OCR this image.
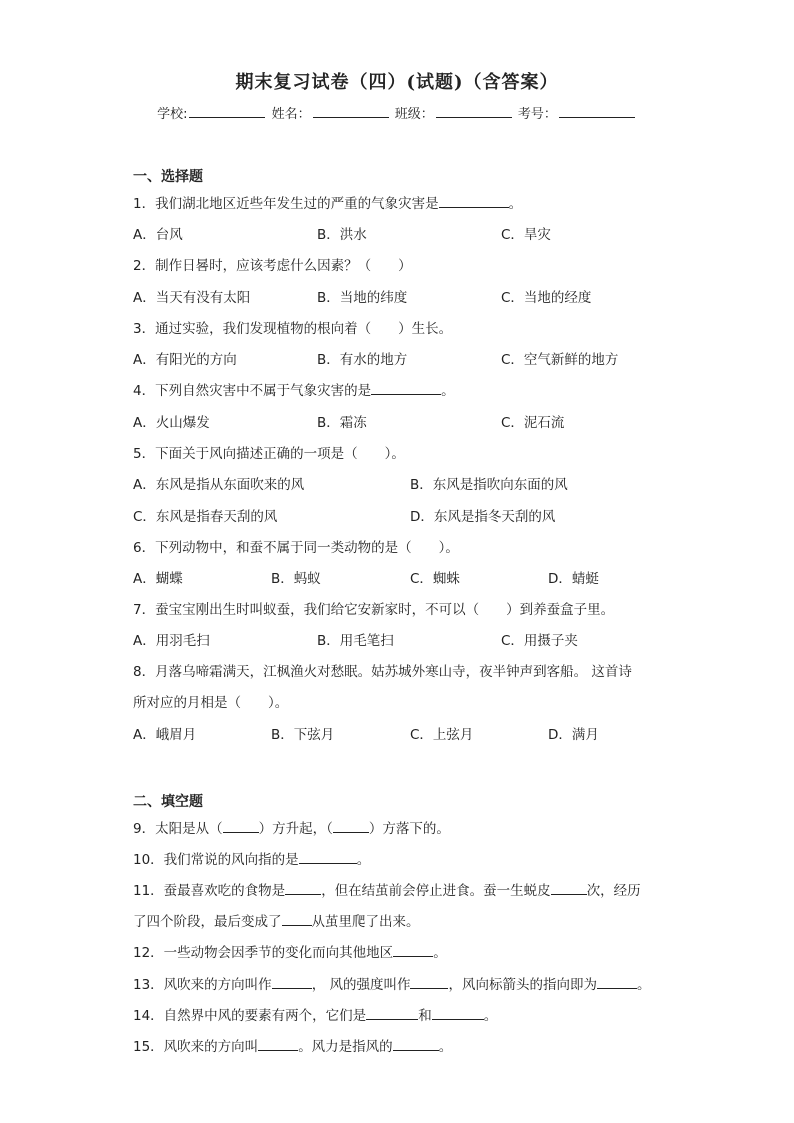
期末复习试卷（四）(试题)（含答案）
学校:	姓名：	班级：	考号：
一、选择题
1．我们湖北地区近些年发生过的严重的气象灾害是	。
A．台风	B．洪水	C．旱灾
2．制作日晷时，应该考虑什么因素？（　　）
A．当天有没有太阳	B．当地的纬度	C．当地的经度
3．通过实验，我们发现植物的根向着（　　）生长。
A．有阳光的方向	B．有水的地方	C．空气新鲜的地方
4．下列自然灾害中不属于气象灾害的是	。
A．火山爆发	B．霜冻	C．泥石流
5．下面关于风向描述正确的一项是（　　）。
A．东风是指从东面吹来的风	B．东风是指吹向东面的风
C．东风是指春天刮的风	D．东风是指冬天刮的风
6．下列动物中，和蚕不属于同一类动物的是（　　）。
A．蝴蝶	B．蚂蚁	C．蜘蛛	D．蜻蜓
7．蚕宝宝刚出生时叫蚁蚕，我们给它安新家时，不可以（　　）到养蚕盒子里。
A．用羽毛扫	B．用毛笔扫	C．用摄子夹
8．月落乌啼霜满天，江枫渔火对愁眠。姑苏城外寒山寺，夜半钟声到客船。 这首诗
所对应的月相是（　　）。
A．峨眉月	B．下弦月	C．上弦月	D．满月
二、填空题
9．太阳是从（	）方升起，（	）方落下的。
10．我们常说的风向指的是	。
11．蚕最喜欢吃的食物是	，但在结茧前会停止进食。蚕一生蜕皮	次，经历
了四个阶段，最后变成了 从茧里爬了出来。
12．一些动物会因季节的变化而向其他地区	。
13．风吹来的方向叫作	， 风的强度叫作	，风向标箭头的指向即为	。
14．自然界中风的要素有两个，它们是	和	。
15．风吹来的方向叫	。风力是指风的	。
